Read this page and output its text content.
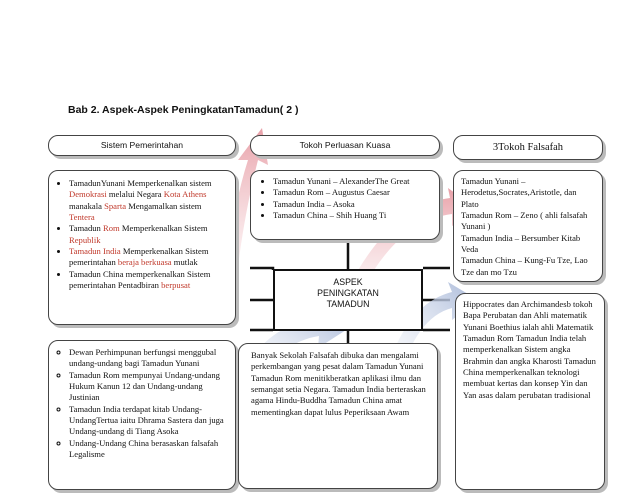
Bab 2. Aspek-Aspek PeningkatanTamadun( 2 )
Sistem Pemerintahan	Tokoh Perluasan Kuasa	3Tokoh Falsafah
• TamadunYunani Memperkenalkan sistem Demokrasi melalui Negara Kota Athens manakala Sparta Mengamalkan sistem Tentera
• Tamadun Rom Memperkenalkan Sistem Republik
• Tamadun India Memperkenalkan Sistem pemerintahan beraja berkuasa mutlak
• Tamadun China memperkenalkan Sistem pemerintahan Pentadbiran berpusat
• Tamadun Yunani – AlexanderThe Great
• Tamadun Rom – Augustus Caesar
• Tamadun India – Asoka
• Tamadun China – Shih Huang Ti
Tamadun Yunani –
Herodetus,Socrates,Aristotle, dan Plato
Tamadun Rom – Zeno ( ahli falsafah Yunani )
Tamadun India – Bersumber Kitab Veda
Tamadun China – Kung-Fu Tze, Lao Tze dan mo Tzu
ASPEK
PENINGKATAN
TAMADUN
◦ Dewan Perhimpunan berfungsi menggubal undang-undang bagi Tamadun Yunani
◦ Tamadun Rom mempunyai Undang-undang Hukum Kanun 12 dan Undang-undang Justinian
◦ Tamadun India terdapat kitab Undang-UndangTertua iaitu Dhrama Sastera dan juga Undang-undang di Tiang Asoka
◦ Undang-Undang China berasaskan falsafah Legalisme
Banyak Sekolah Falsafah dibuka dan mengalami perkembangan yang pesat dalam Tamadun Yunani Tamadun Rom menitikberatkan aplikasi ilmu dan semangat setia Negara. Tamadun India berteraskan agama Hindu-Buddha Tamadun China amat mementingkan dapat lulus Peperiksaan Awam
Hippocrates dan Archimandesb tokoh Bapa Perubatan dan Ahli matematik Yunani Boethius ialah ahli Matematik Tamadun Rom Tamadun India telah memperkenalkan Sistem angka Brahmin dan angka Kharosti Tamadun China memperkenalkan teknologi membuat kertas dan konsep Yin dan Yan asas dalam perubatan tradisional
